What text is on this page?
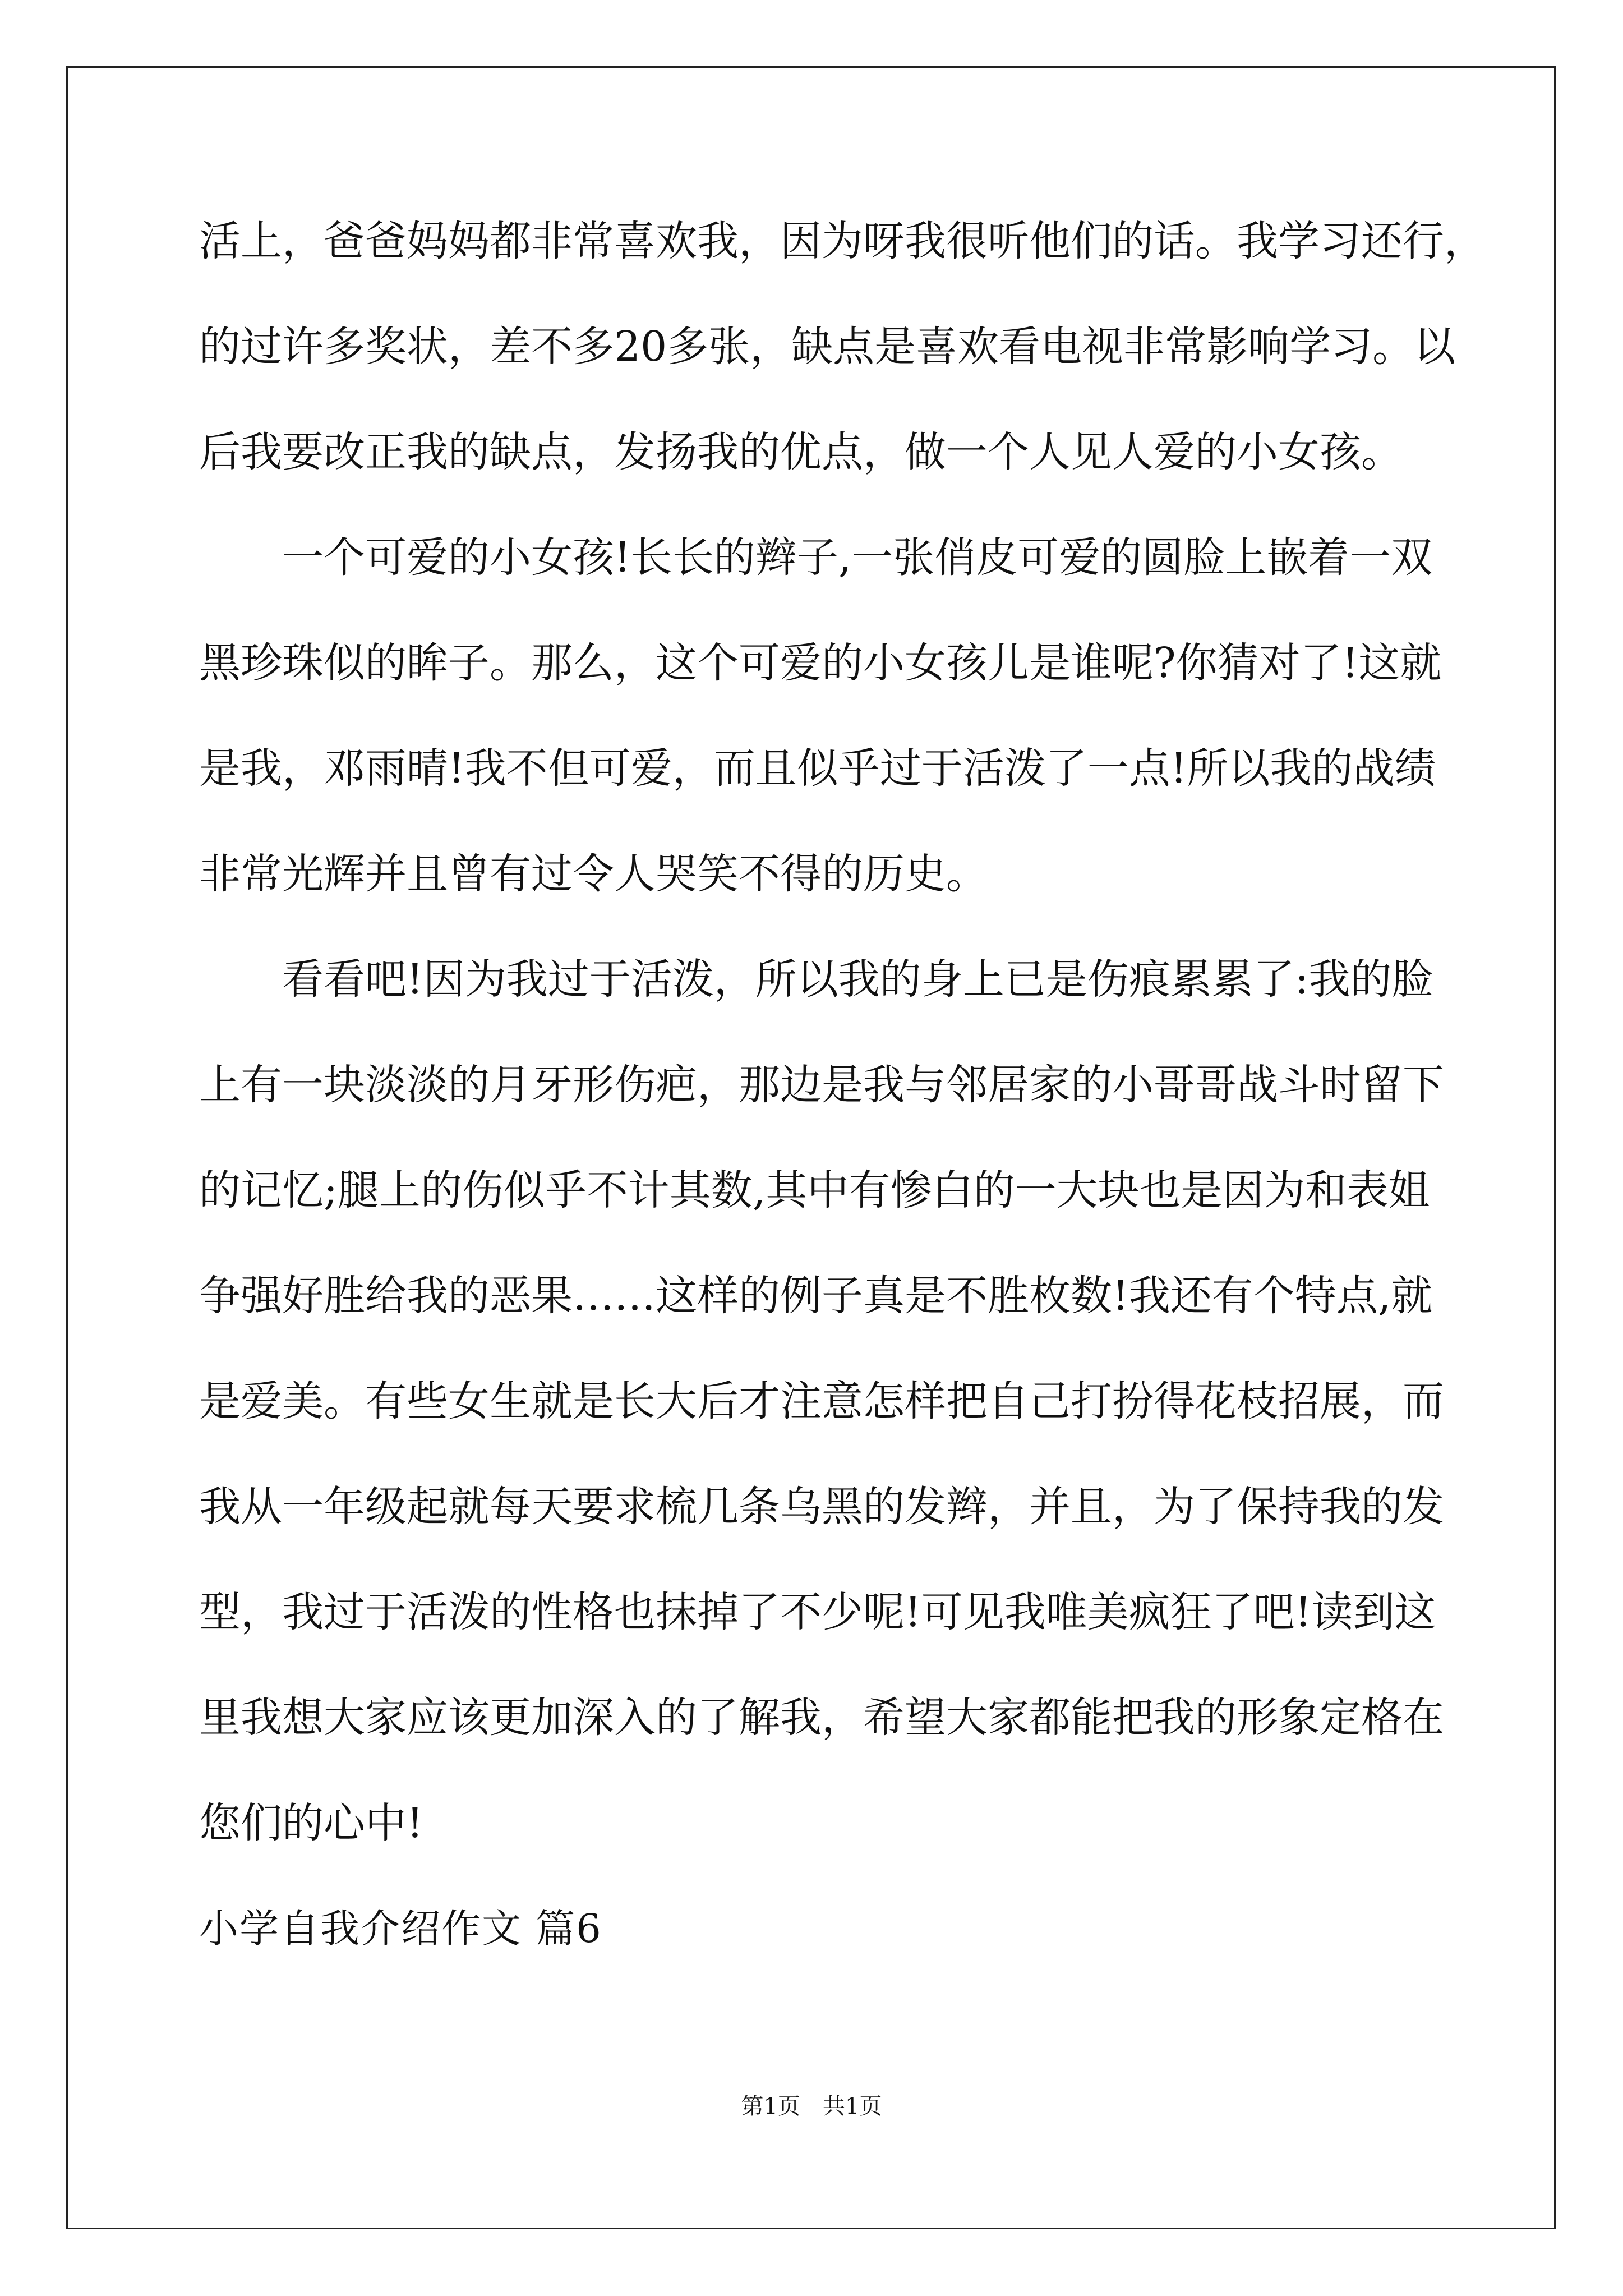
活上，爸爸妈妈都非常喜欢我，因为呀我很听他们的话。我学习还行，
的过许多奖状，差不多20多张，缺点是喜欢看电视非常影响学习。以
后我要改正我的缺点，发扬我的优点，做一个人见人爱的小女孩。
一个可爱的小女孩!长长的辫子,一张俏皮可爱的圆脸上嵌着一双
黑珍珠似的眸子。那么，这个可爱的小女孩儿是谁呢?你猜对了!这就
是我，邓雨晴!我不但可爱，而且似乎过于活泼了一点!所以我的战绩
非常光辉并且曾有过令人哭笑不得的历史。
看看吧!因为我过于活泼，所以我的身上已是伤痕累累了:我的脸
上有一块淡淡的月牙形伤疤，那边是我与邻居家的小哥哥战斗时留下
的记忆;腿上的伤似乎不计其数,其中有惨白的一大块也是因为和表姐
争强好胜给我的恶果……这样的例子真是不胜枚数!我还有个特点,就
是爱美。有些女生就是长大后才注意怎样把自己打扮得花枝招展，而
我从一年级起就每天要求梳几条乌黑的发辫，并且，为了保持我的发
型，我过于活泼的性格也抹掉了不少呢!可见我唯美疯狂了吧!读到这
里我想大家应该更加深入的了解我，希望大家都能把我的形象定格在
您们的心中!
小学自我介绍作文 篇6
第1页　共1页
